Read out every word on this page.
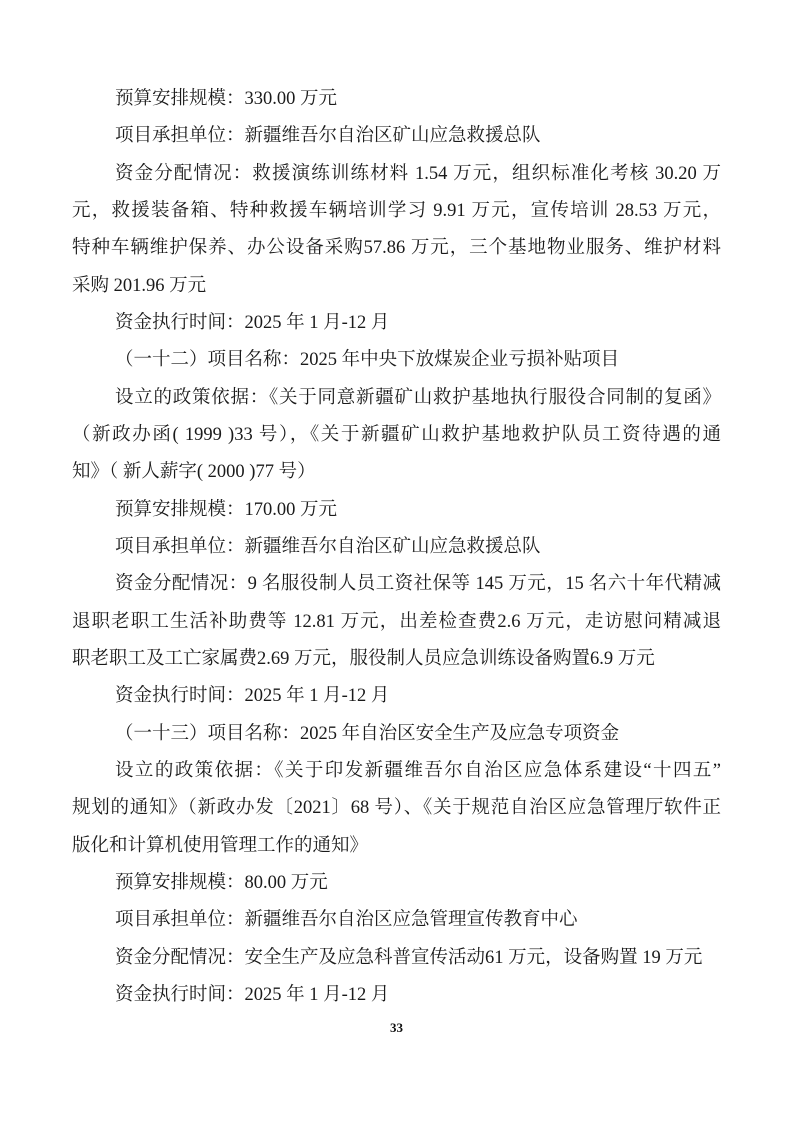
预算安排规模：330.00 万元
项目承担单位：新疆维吾尔自治区矿山应急救援总队
资金分配情况：救援演练训练材料 1.54 万元，组织标准化考核 30.20 万
元，救援装备箱、特种救援车辆培训学习 9.91 万元，宣传培训 28.53 万元，
特种车辆维护保养、办公设备采购57.86 万元，三个基地物业服务、维护材料
采购 201.96 万元
资金执行时间：2025 年 1 月-12 月
（一十二）项目名称：2025 年中央下放煤炭企业亏损补贴项目
设立的政策依据：《关于同意新疆矿山救护基地执行服役合同制的复函》
（新政办函( 1999 )33 号），《关于新疆矿山救护基地救护队员工资待遇的通
知》（ 新人薪字( 2000 )77 号）
预算安排规模：170.00 万元
项目承担单位：新疆维吾尔自治区矿山应急救援总队
资金分配情况：9 名服役制人员工资社保等 145 万元，15 名六十年代精减
退职老职工生活补助费等 12.81 万元，出差检查费2.6 万元，走访慰问精减退
职老职工及工亡家属费2.69 万元，服役制人员应急训练设备购置6.9 万元
资金执行时间：2025 年 1 月-12 月
（一十三）项目名称：2025 年自治区安全生产及应急专项资金
设立的政策依据：《关于印发新疆维吾尔自治区应急体系建设“十四五”
规划的通知》（新政办发〔2021〕68 号）、《关于规范自治区应急管理厅软件正
版化和计算机使用管理工作的通知》
预算安排规模：80.00 万元
项目承担单位：新疆维吾尔自治区应急管理宣传教育中心
资金分配情况：安全生产及应急科普宣传活动61 万元，设备购置 19 万元
资金执行时间：2025 年 1 月-12 月
33
